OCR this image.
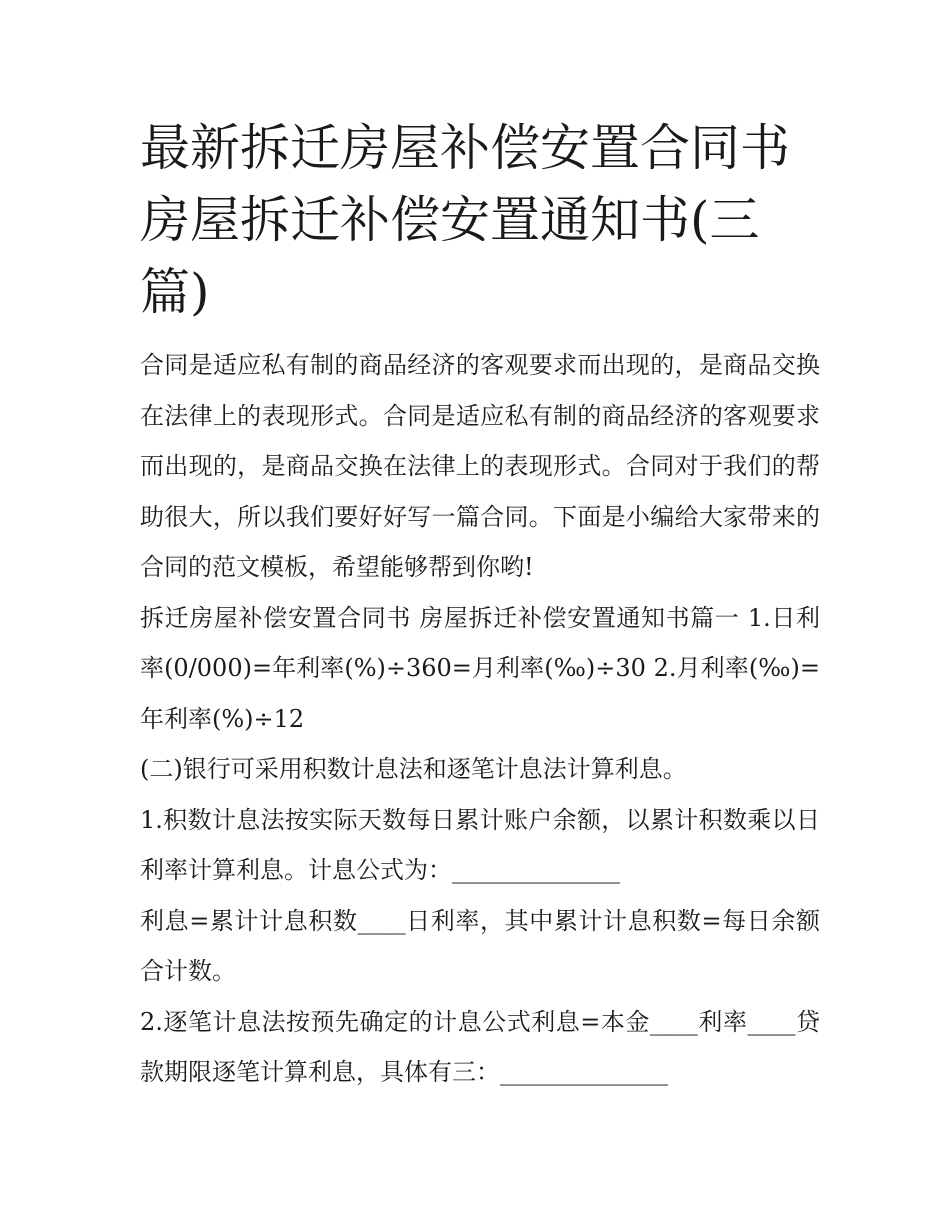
最新拆迁房屋补偿安置合同书 房屋拆迁补偿安置通知书(三篇)

合同是适应私有制的商品经济的客观要求而出现的，是商品交换在法律上的表现形式。合同是适应私有制的商品经济的客观要求而出现的，是商品交换在法律上的表现形式。合同对于我们的帮助很大，所以我们要好好写一篇合同。下面是小编给大家带来的合同的范文模板，希望能够帮到你哟!

拆迁房屋补偿安置合同书 房屋拆迁补偿安置通知书篇一 1.日利率(0/000)=年利率(%)÷360=月利率(‰)÷30 2.月利率(‰)=年利率(%)÷12

(二)银行可采用积数计息法和逐笔计息法计算利息。

1.积数计息法按实际天数每日累计账户余额，以累计积数乘以日利率计算利息。计息公式为：______________

利息=累计计息积数____日利率，其中累计计息积数=每日余额合计数。

2.逐笔计息法按预先确定的计息公式利息=本金____利率____贷款期限逐笔计算利息，具体有三：______________
